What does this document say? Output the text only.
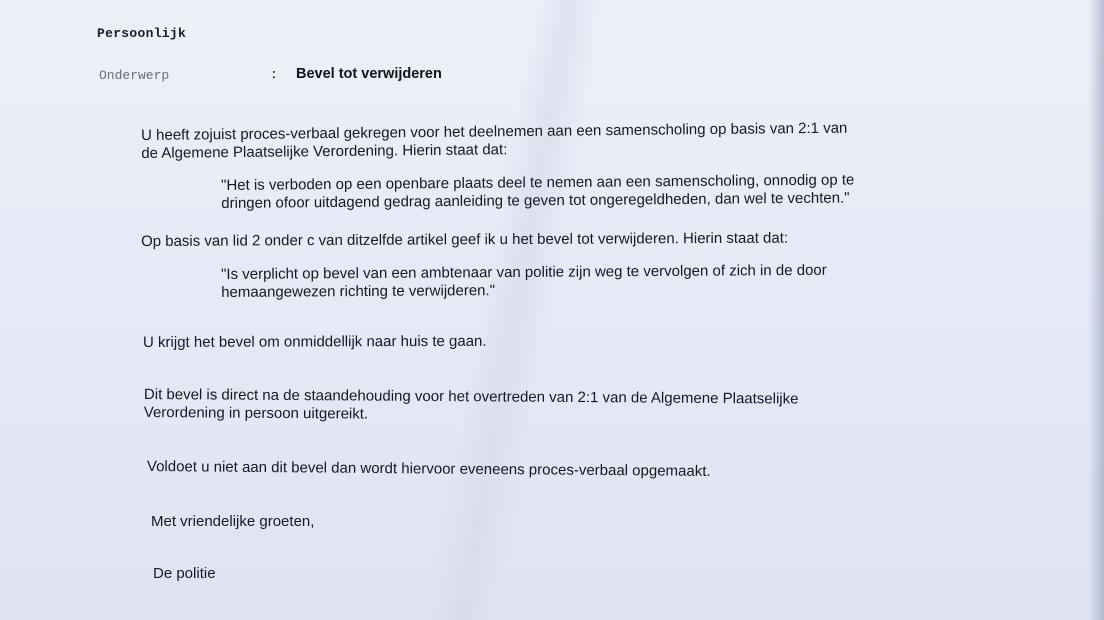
Persoonlijk
Onderwerp	: Bevel tot verwijderen
U heeft zojuist proces-verbaal gekregen voor het deelnemen aan een samenscholing op basis van 2:1 van
de Algemene Plaatselijke Verordening. Hierin staat dat:
"Het is verboden op een openbare plaats deel te nemen aan een samenscholing, onnodig op te
dringen ofoor uitdagend gedrag aanleiding te geven tot ongeregeldheden, dan wel te vechten."
Op basis van lid 2 onder c van ditzelfde artikel geef ik u het bevel tot verwijderen. Hierin staat dat:
"Is verplicht op bevel van een ambtenaar van politie zijn weg te vervolgen of zich in de door
hemaangewezen richting te verwijderen."
U krijgt het bevel om onmiddellijk naar huis te gaan.
Dit bevel is direct na de staandehouding voor het overtreden van 2:1 van de Algemene Plaatselijke
Verordening in persoon uitgereikt.
Voldoet u niet aan dit bevel dan wordt hiervoor eveneens proces-verbaal opgemaakt.
Met vriendelijke groeten,
De politie
